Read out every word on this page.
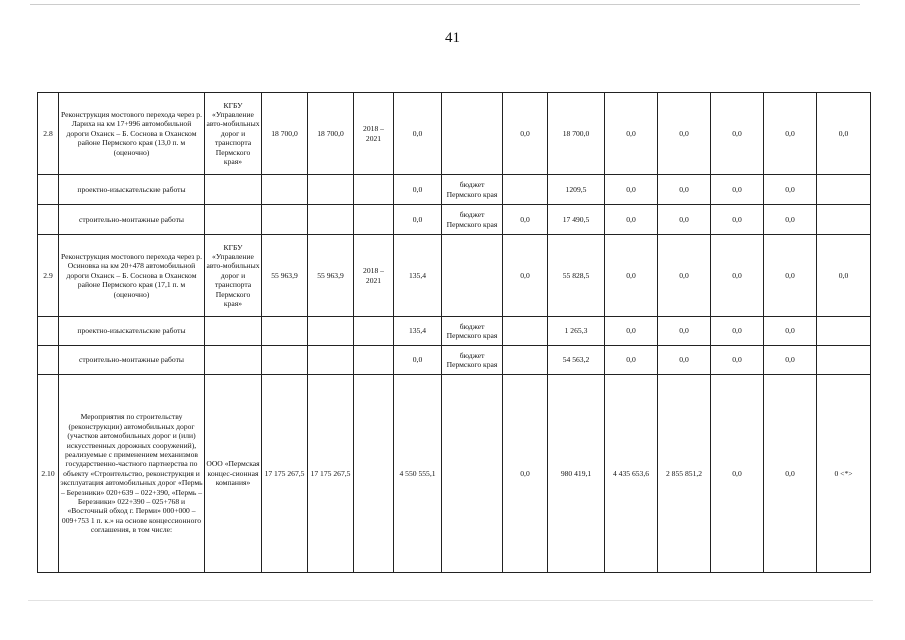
41
2.8	Реконструкция мостового перехода через р. Лариха на км 17+996 автомобильной дороги Оханск – Б. Соснова в Оханском районе Пермского края (13,0 п. м (оценочно)	КГБУ «Управление авто-мобильных дорог и транспорта Пермского края»	18 700,0	18 700,0	2018 – 2021	0,0		0,0	18 700,0	0,0	0,0	0,0	0,0	0,0
	проектно-изыскательские работы					0,0	бюджет Пермского края		1209,5	0,0	0,0	0,0	0,0	
	строительно-монтажные работы					0,0	бюджет Пермского края	0,0	17 490,5	0,0	0,0	0,0	0,0	
2.9	Реконструкция мостового перехода через р. Осиновка на км 20+478 автомобильной дороги Оханск – Б. Соснова в Оханском районе Пермского края (17,1 п. м (оценочно)	КГБУ «Управление авто-мобильных дорог и транспорта Пермского края»	55 963,9	55 963,9	2018 – 2021	135,4		0,0	55 828,5	0,0	0,0	0,0	0,0	0,0
	проектно-изыскательские работы					135,4	бюджет Пермского края		1 265,3	0,0	0,0	0,0	0,0	
	строительно-монтажные работы					0,0	бюджет Пермского края		54 563,2	0,0	0,0	0,0	0,0	
2.10	Мероприятия по строительству (реконструкции) автомобильных дорог (участков автомобильных дорог и (или) искусственных дорожных сооружений), реализуемые с применением механизмов государственно-частного партнерства по объекту «Строительство, реконструкция и эксплуатация автомобильных дорог «Пермь – Березники» 020+639 – 022+390, «Пермь – Березники» 022+390 – 025+768 и «Восточный обход г. Перми» 000+000 – 009+753 1 п. к.» на основе концессионного соглашения, в том числе:	ООО «Пермская концес-сионная компания»	17 175 267,5	17 175 267,5		4 550 555,1		0,0	980 419,1	4 435 653,6	2 855 851,2	0,0	0,0	0 <*>
